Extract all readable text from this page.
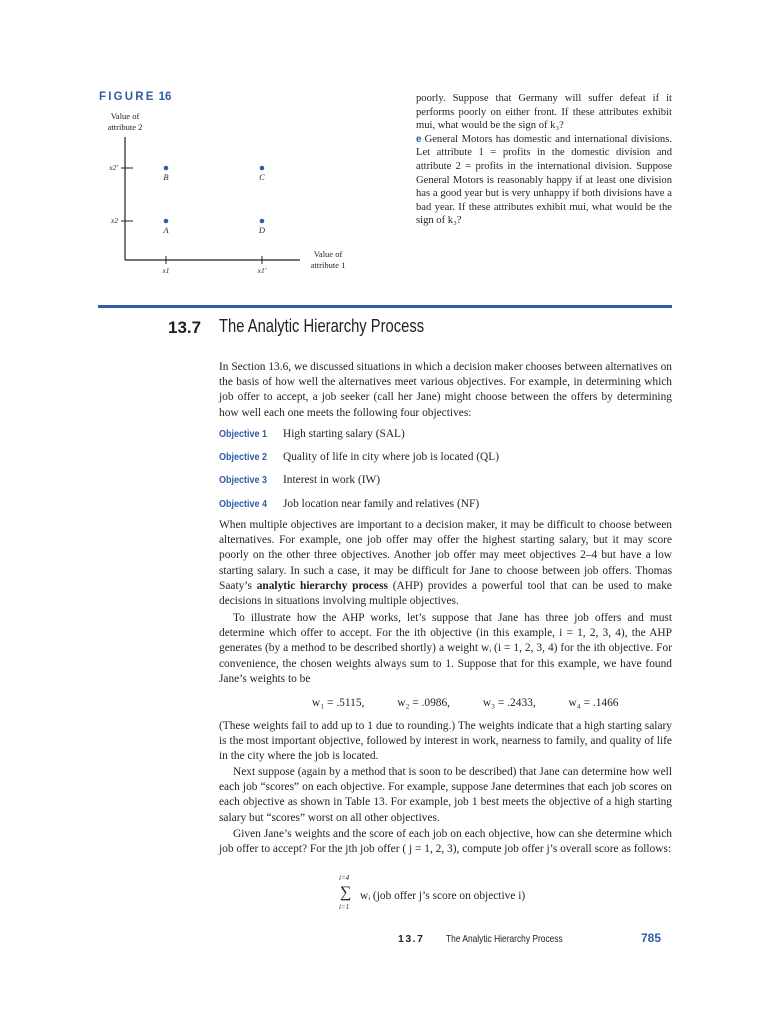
FIGURE 16
Value of attribute 2
Value of attribute 1
x1	x1′
x2
x2′
B	C
A	D
poorly. Suppose that Germany will suffer defeat if it performs poorly on either front. If these attributes exhibit mui, what would be the sign of k₃?
e General Motors has domestic and international divisions. Let attribute 1 = profits in the domestic division and attribute 2 = profits in the international division. Suppose General Motors is reasonably happy if at least one division has a good year but is very unhappy if both divisions have a bad year. If these attributes exhibit mui, what would be the sign of k₃?
13.7 The Analytic Hierarchy Process
In Section 13.6, we discussed situations in which a decision maker chooses between alternatives on the basis of how well the alternatives meet various objectives. For example, in determining which job offer to accept, a job seeker (call her Jane) might choose between the offers by determining how well each one meets the following four objectives:
Objective 1 High starting salary (SAL)
Objective 2 Quality of life in city where job is located (QL)
Objective 3 Interest in work (IW)
Objective 4 Job location near family and relatives (NF)
When multiple objectives are important to a decision maker, it may be difficult to choose between alternatives. For example, one job offer may offer the highest starting salary, but it may score poorly on the other three objectives. Another job offer may meet objectives 2–4 but have a low starting salary. In such a case, it may be difficult for Jane to choose between job offers. Thomas Saaty’s analytic hierarchy process (AHP) provides a powerful tool that can be used to make decisions in situations involving multiple objectives.
To illustrate how the AHP works, let’s suppose that Jane has three job offers and must determine which offer to accept. For the ith objective (in this example, i = 1, 2, 3, 4), the AHP generates (by a method to be described shortly) a weight wᵢ (i = 1, 2, 3, 4) for the ith objective. For convenience, the chosen weights always sum to 1. Suppose that for this example, we have found Jane’s weights to be
w₁ = .5115,	w₂ = .0986,	w₃ = .2433,	w₄ = .1466
(These weights fail to add up to 1 due to rounding.) The weights indicate that a high starting salary is the most important objective, followed by interest in work, nearness to family, and quality of life in the city where the job is located.
Next suppose (again by a method that is soon to be described) that Jane can determine how well each job “scores” on each objective. For example, suppose Jane determines that each job scores on each objective as shown in Table 13. For example, job 1 best meets the objective of a high starting salary but “scores” worst on all other objectives.
Given Jane’s weights and the score of each job on each objective, how can she determine which job offer to accept? For the jth job offer ( j = 1, 2, 3), compute job offer j’s overall score as follows:
i=4
∑
i=1
wᵢ (job offer j’s score on objective i)
13.7 The Analytic Hierarchy Process	785
